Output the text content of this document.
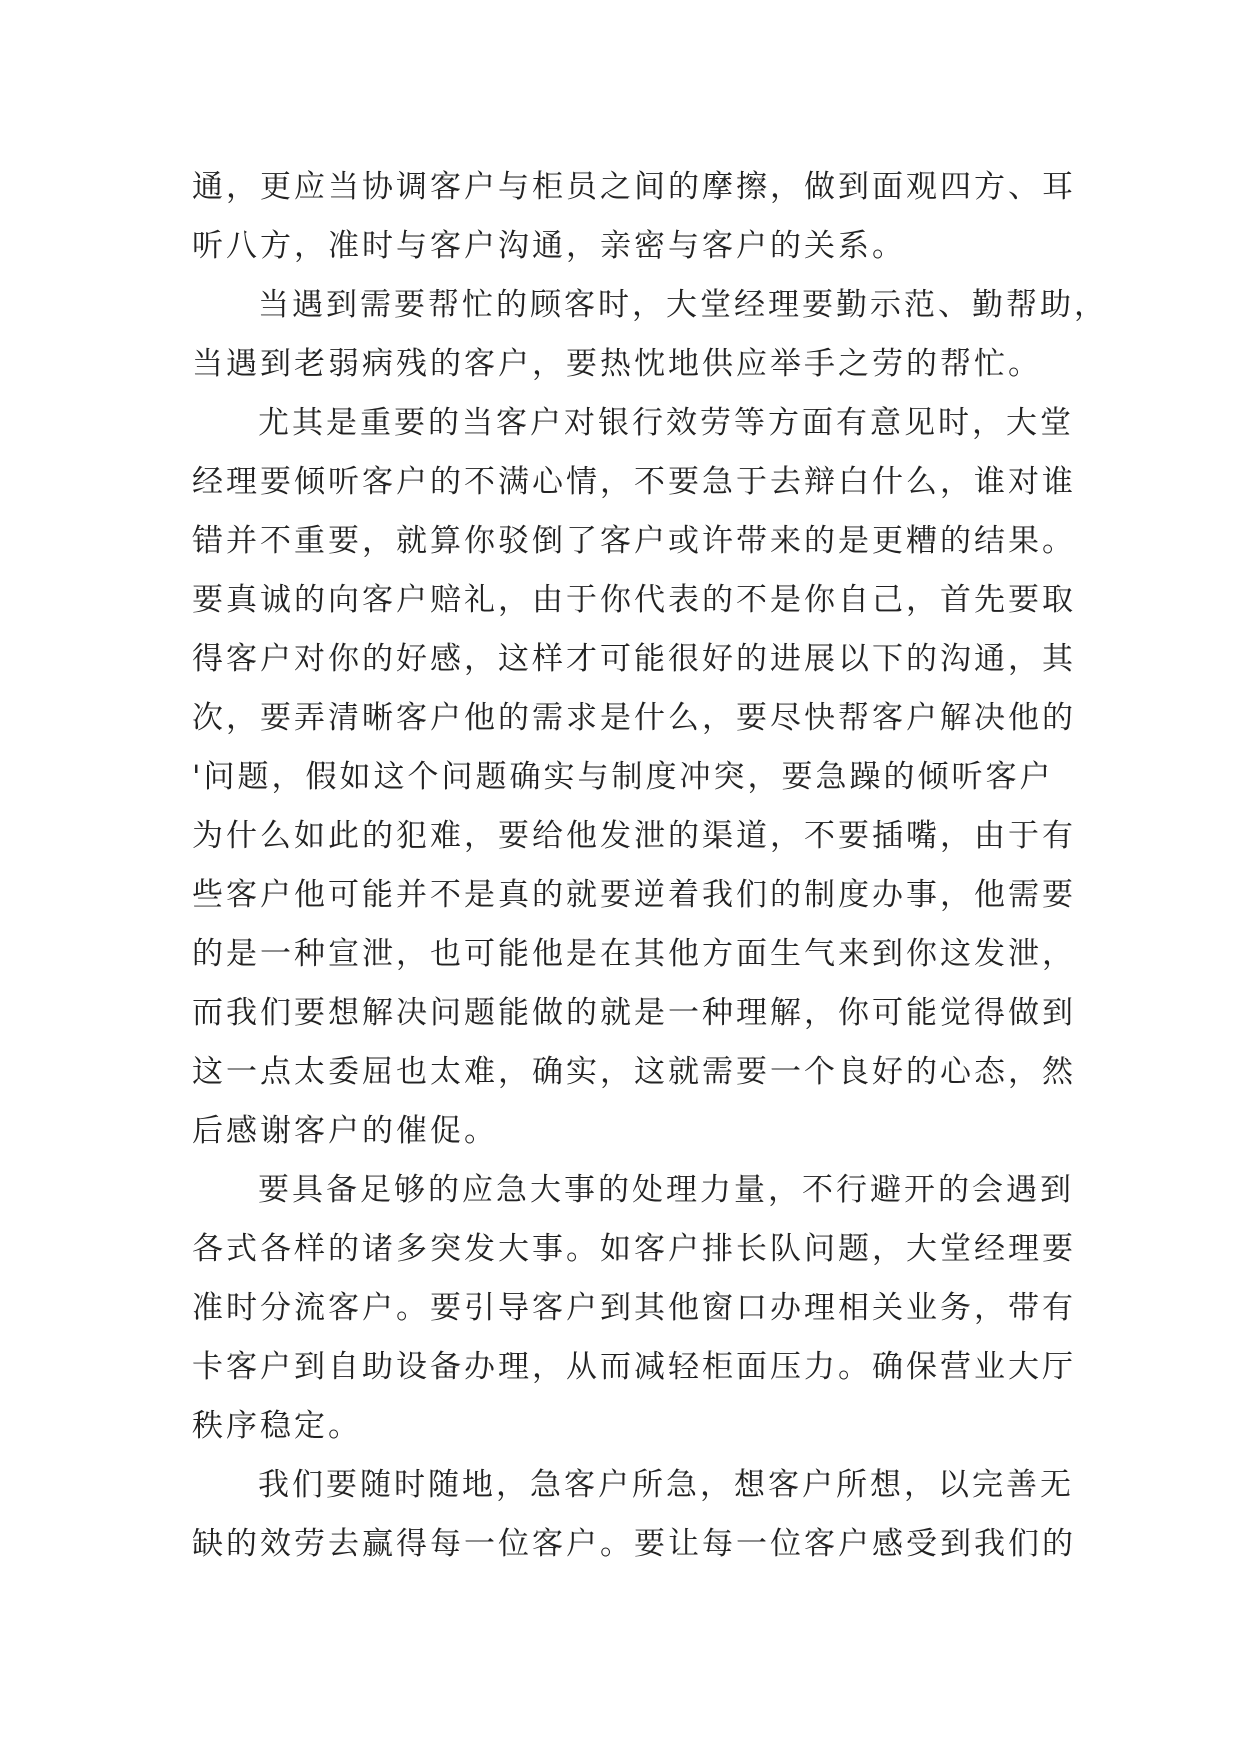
通，更应当协调客户与柜员之间的摩擦，做到面观四方、耳
听八方，准时与客户沟通，亲密与客户的关系。
当遇到需要帮忙的顾客时，大堂经理要勤示范、勤帮助，
当遇到老弱病残的客户，要热忱地供应举手之劳的帮忙。
尤其是重要的当客户对银行效劳等方面有意见时，大堂
经理要倾听客户的不满心情，不要急于去辩白什么，谁对谁
错并不重要，就算你驳倒了客户或许带来的是更糟的结果。
要真诚的向客户赔礼，由于你代表的不是你自己，首先要取
得客户对你的好感，这样才可能很好的进展以下的沟通，其
次，要弄清晰客户他的需求是什么，要尽快帮客户解决他的
'问题，假如这个问题确实与制度冲突，要急躁的倾听客户
为什么如此的犯难，要给他发泄的渠道，不要插嘴，由于有
些客户他可能并不是真的就要逆着我们的制度办事，他需要
的是一种宣泄，也可能他是在其他方面生气来到你这发泄，
而我们要想解决问题能做的就是一种理解，你可能觉得做到
这一点太委屈也太难，确实，这就需要一个良好的心态，然
后感谢客户的催促。
要具备足够的应急大事的处理力量，不行避开的会遇到
各式各样的诸多突发大事。如客户排长队问题，大堂经理要
准时分流客户。要引导客户到其他窗口办理相关业务，带有
卡客户到自助设备办理，从而减轻柜面压力。确保营业大厅
秩序稳定。
我们要随时随地，急客户所急，想客户所想，以完善无
缺的效劳去赢得每一位客户。要让每一位客户感受到我们的
